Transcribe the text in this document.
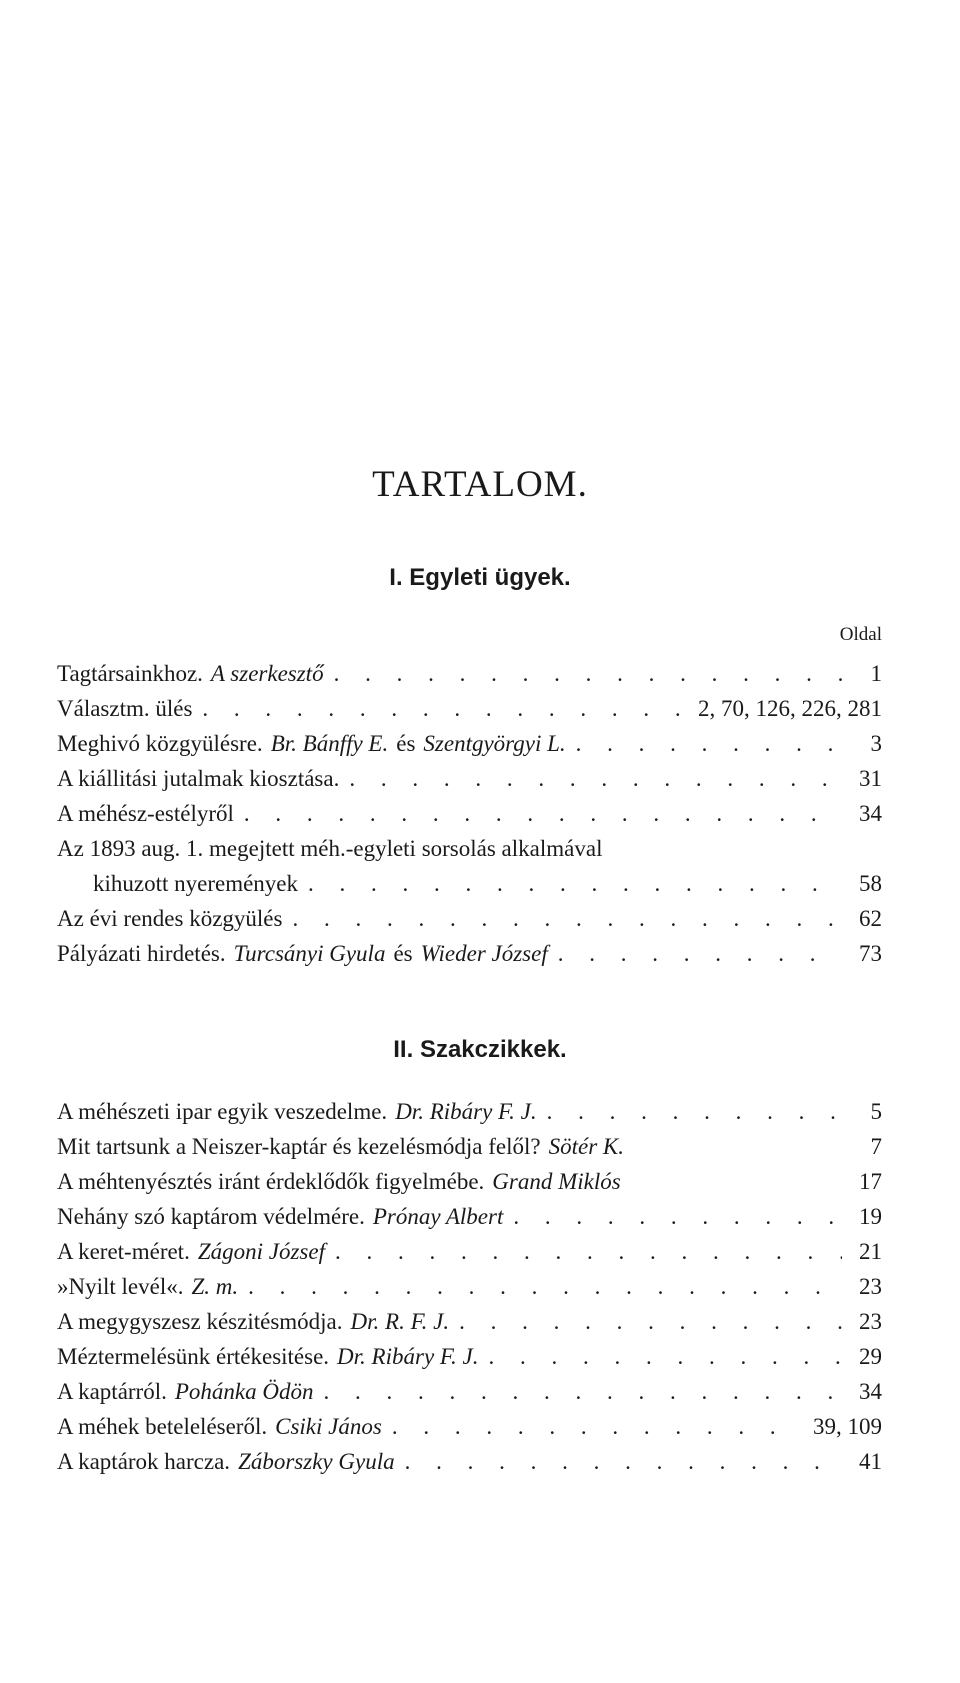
TARTALOM.
I. Egyleti ügyek.
Oldal
Tagtársainkhoz. A szerkesztő . . .	1
Választm. ülés . . .	2, 70, 126, 226, 281
Meghivó közgyülésre. Br. Bánffy E. és Szentgyörgyi L. . . .	3
A kiállitási jutalmak kiosztása. . . .	31
A méhész-estélyről . . .	34
Az 1893 aug. 1. megejtett méh.-egyleti sorsolás alkalmával
kihuzott nyeremények . . .	58
Az évi rendes közgyülés . . .	62
Pályázati hirdetés. Turcsányi Gyula és Wieder József . . .	73
II. Szakczikkek.
A méhészeti ipar egyik veszedelme. Dr. Ribáry F. J. . . .	5
Mit tartsunk a Neiszer-kaptár és kezelésmódja felől? Sötér K.	7
A méhtenyésztés iránt érdeklődők figyelmébe. Grand Miklós	17
Nehány szó kaptárom védelmére. Prónay Albert . . .	19
A keret-méret. Zágoni József . . .	21
»Nyilt levél«. Z. m. . . .	23
A megygyszesz készitésmódja. Dr. R. F. J. . . .	23
Méztermelésünk értékesitése. Dr. Ribáry F. J. . . .	29
A kaptárról. Pohánka Ödön . . .	34
A méhek betelelése​ről. Csiki János . . .	39, 109
A kaptárok harcza. Záborszky Gyula . . .	41
